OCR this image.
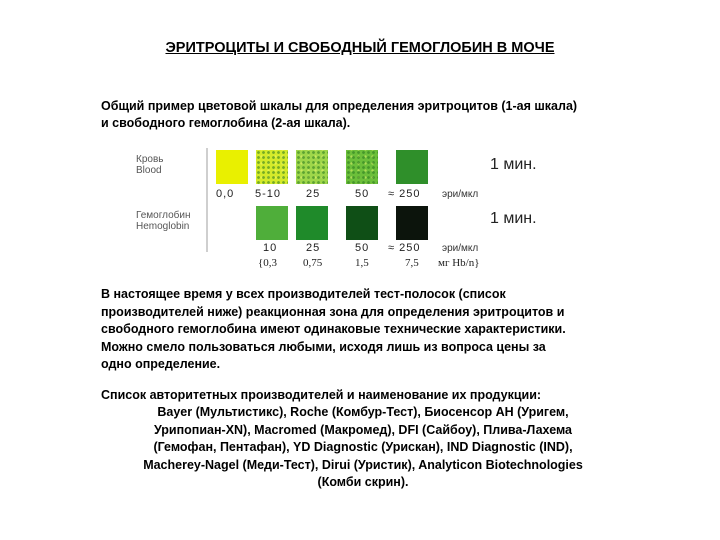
ЭРИТРОЦИТЫ И СВОБОДНЫЙ ГЕМОГЛОБИН В МОЧЕ
Общий пример цветовой шкалы для определения эритроцитов (1-ая шкала)
и свободного гемоглобина (2-ая шкала).
Кровь
Blood	1 мин.
0,0 5-10 25	50 ≈ 250 эри/мкл
Гемоглобин
Hemoglobin	1 мин.
10	25	50 ≈ 250 эри/мкл
{0,3 0,75	1,5	7,5 мг Hb/n}
В настоящее время у всех производителей тест-полосок (список
производителей ниже) реакционная зона для определения эритроцитов и
свободного гемоглобина имеют одинаковые технические характеристики.
Можно смело пользоваться любыми, исходя лишь из вопроса цены за
одно определение.
Список авторитетных производителей и наименование их продукции:
Bayer (Мультистикс), Roche (Комбур-Тест), Биосенсор АН (Уригем,
Урипопиан-XN), Macromed (Макромед), DFI (Сайбоу), Плива-Лахема
(Гемофан, Пентафан), YD Diagnostic (Урискан), IND Diagnostic (IND),
Macherey-Nagel (Меди-Тест), Dirui (Уристик), Analyticon Biotechnologies
(Комби скрин).
